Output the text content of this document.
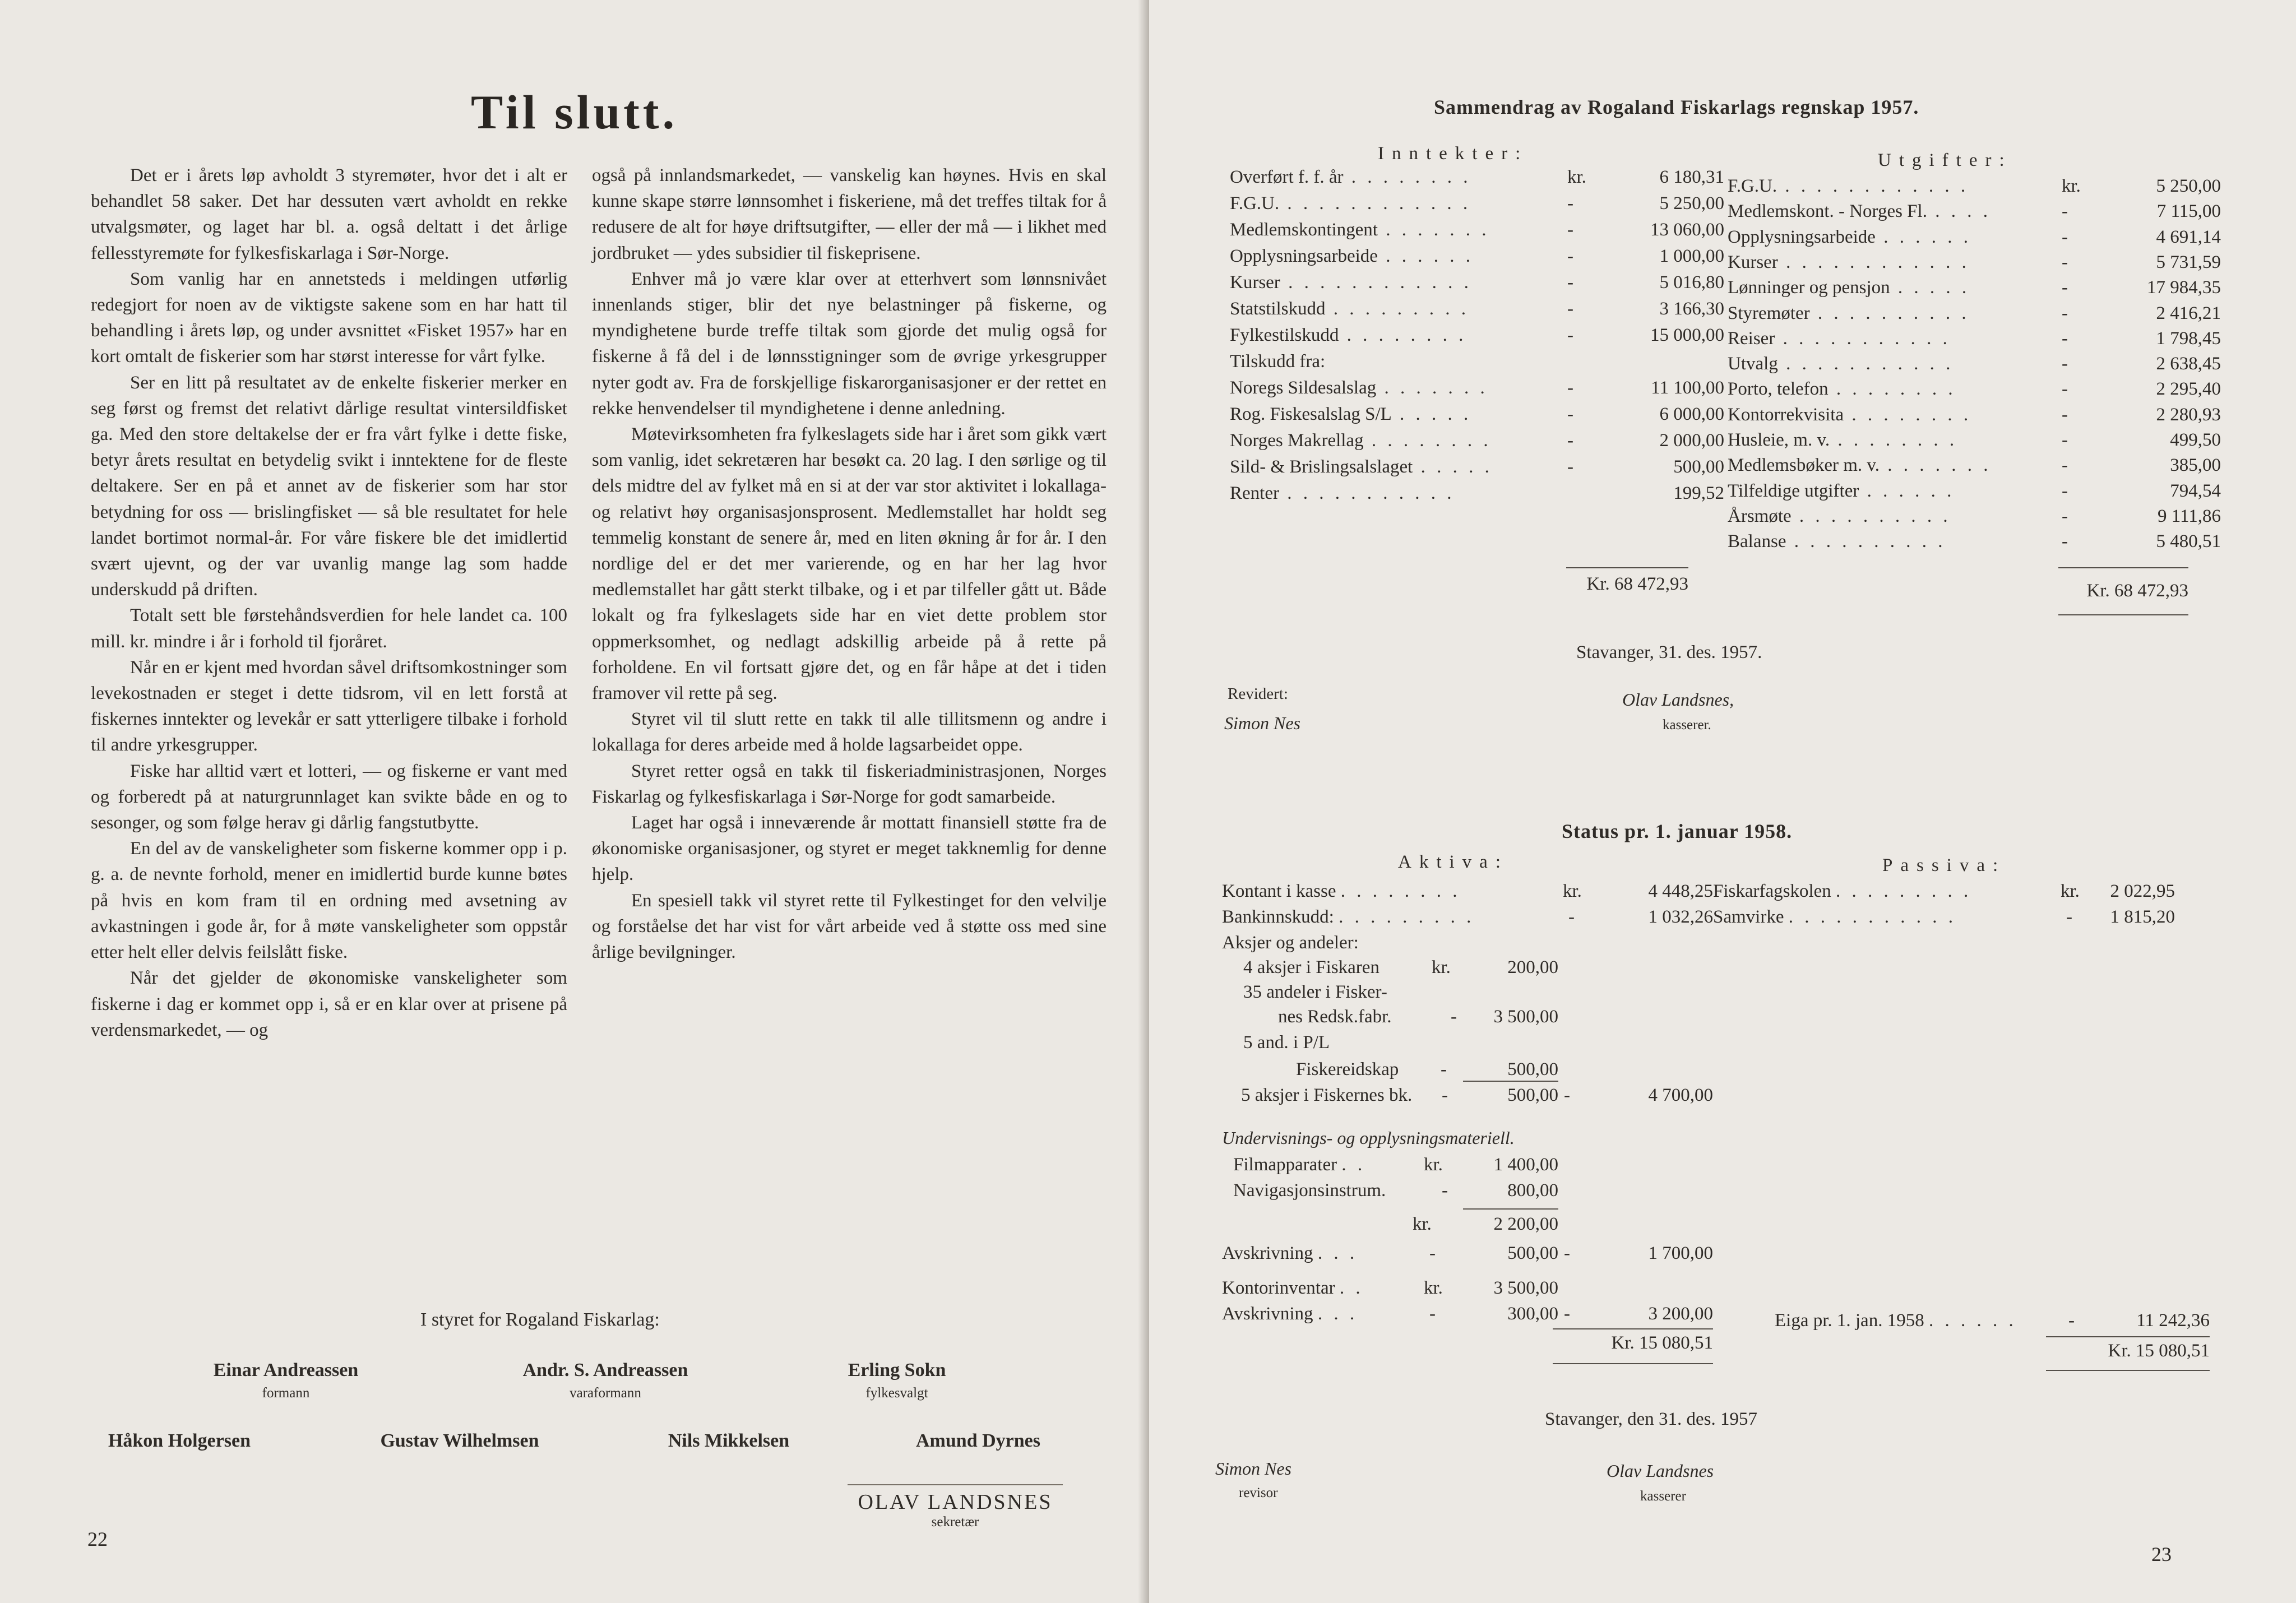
Til slutt.

Det er i årets løp avholdt 3 styremøter, hvor det i alt er behandlet 58 saker. Det har dessuten vært avholdt en rekke utvalgsmøter, og laget har bl. a. også deltatt i det årlige fellesstyremøte for fylkesfiskarlaga i Sør-Norge.

Som vanlig har en annetsteds i meldingen utførlig redegjort for noen av de viktigste sakene som en har hatt til behandling i årets løp, og under avsnittet «Fisket 1957» har en kort omtalt de fiskerier som har størst interesse for vårt fylke.

Ser en litt på resultatet av de enkelte fiskerier merker en seg først og fremst det relativt dårlige resultat vintersildfisket ga. Med den store deltakelse der er fra vårt fylke i dette fiske, betyr årets resultat en betydelig svikt i inntektene for de fleste deltakere. Ser en på et annet av de fiskerier som har stor betydning for oss — brislingfisket — så ble resultatet for hele landet bortimot normal-år. For våre fiskere ble det imidlertid svært ujevnt, og der var uvanlig mange lag som hadde underskudd på driften.

Totalt sett ble førstehåndsverdien for hele landet ca. 100 mill. kr. mindre i år i forhold til fjoråret.

Når en er kjent med hvordan såvel driftsomkostninger som levekostnaden er steget i dette tidsrom, vil en lett forstå at fiskernes inntekter og levekår er satt ytterligere tilbake i forhold til andre yrkesgrupper.

Fiske har alltid vært et lotteri, — og fiskerne er vant med og forberedt på at naturgrunnlaget kan svikte både en og to sesonger, og som følge herav gi dårlig fangstutbytte.

En del av de vanskeligheter som fiskerne kommer opp i p. g. a. de nevnte forhold, mener en imidlertid burde kunne bøtes på hvis en kom fram til en ordning med avsetning av avkastningen i gode år, for å møte vanskeligheter som oppstår etter helt eller delvis feilslått fiske.

Når det gjelder de økonomiske vanskeligheter som fiskerne i dag er kommet opp i, så er en klar over at prisene på verdensmarkedet, — og

også på innlandsmarkedet, — vanskelig kan høynes. Hvis en skal kunne skape større lønnsomhet i fiskeriene, må det treffes tiltak for å redusere de alt for høye driftsutgifter, — eller der må — i likhet med jordbruket — ydes subsidier til fiskeprisene.

Enhver må jo være klar over at etterhvert som lønnsnivået innenlands stiger, blir det nye belastninger på fiskerne, og myndighetene burde treffe tiltak som gjorde det mulig også for fiskerne å få del i de lønnsstigninger som de øvrige yrkesgrupper nyter godt av. Fra de forskjellige fiskarorganisasjoner er der rettet en rekke henvendelser til myndighetene i denne anledning.

Møtevirksomheten fra fylkeslagets side har i året som gikk vært som vanlig, idet sekretæren har besøkt ca. 20 lag. I den sørlige og til dels midtre del av fylket må en si at der var stor aktivitet i lokallaga- og relativt høy organisasjonsprosent. Medlemstallet har holdt seg temmelig konstant de senere år, med en liten økning år for år. I den nordlige del er det mer varierende, og en har her lag hvor medlemstallet har gått sterkt tilbake, og i et par tilfeller gått ut. Både lokalt og fra fylkeslagets side har en viet dette problem stor oppmerksomhet, og nedlagt adskillig arbeide på å rette på forholdene. En vil fortsatt gjøre det, og en får håpe at det i tiden framover vil rette på seg.

Styret vil til slutt rette en takk til alle tillitsmenn og andre i lokallaga for deres arbeide med å holde lagsarbeidet oppe.

Styret retter også en takk til fiskeriadministrasjonen, Norges Fiskarlag og fylkesfiskarlaga i Sør-Norge for godt samarbeide.

Laget har også i inneværende år mottatt finansiell støtte fra de økonomiske organisasjoner, og styret er meget takknemlig for denne hjelp.

En spesiell takk vil styret rette til Fylkestinget for den velvilje og forståelse det har vist for vårt arbeide ved å støtte oss med sine årlige bevilgninger.

I styret for Rogaland Fiskarlag:
Einar Andreassen
formann
Andr. S. Andreassen
varaformann
Erling Sokn
fylkesvalgt
Håkon Holgersen	Gustav Wilhelmsen	Nils Mikkelsen	Amund Dyrnes
OLAV LANDSNES
sekretær
22
Sammendrag av Rogaland Fiskarlags regnskap 1957.
Inntekter:	Utgifter:
Kr. 68 472,93	Kr. 68 472,93
Stavanger, 31. des. 1957.
Revidert:
Simon Nes
Olav Landsnes,
kasserer.
Status pr. 1. januar 1958.
Aktiva:	Passiva:
Kontant i kasse . . . . . . . .	kr.	4 448,25
Bankinnskudd: . . . . . . . . .	-	1 032,26
Aksjer og andeler:
4 aksjer i Fiskaren	kr.	200,00
35 andeler i Fisker-
nes Redsk.fabr.	-	3 500,00
5 and. i P/L
Fiskereidskap -	500,00
5 aksjer i Fiskernes bk. -	500,00 -	4 700,00
Undervisnings- og opplysningsmateriell.
Filmapparater . .	kr.	1 400,00
Navigasjonsinstrum.	-	800,00
kr.	2 200,00
Avskrivning . . .	-	500,00 -	1 700,00
Kontorinventar . .	kr.	3 500,00
Avskrivning . . .	-	300,00 -	3 200,00
Kr. 15 080,51
Fiskarfagskolen . . . . . . . . .	kr.	2 022,95
Samvirke . . . . . . . . . . .	-	1 815,20
Eiga pr. 1. jan. 1958 . . . . . .	-	11 242,36
Kr. 15 080,51
Stavanger, den 31. des. 1957
Simon Nes
revisor
Olav Landsnes
kasserer
23
Overført f. f. år . . . . . . . .	kr.	6 180,31
F.G.U. . . . . . . . . . . . .	-	5 250,00
Medlemskontingent . . . . . . .	-	13 060,00
Opplysningsarbeide . . . . . .	-	1 000,00
Kurser . . . . . . . . . . . .	-	5 016,80
Statstilskudd . . . . . . . . .	-	3 166,30
Fylkestilskudd . . . . . . . .	-	15 000,00
Tilskudd fra:
Noregs Sildesalslag . . . . . . .	-	11 100,00
Rog. Fiskesalslag S/L . . . . .	-	6 000,00
Norges Makrellag . . . . . . . .	-	2 000,00
Sild- & Brislingsalslaget . . . . .	-	500,00
Renter . . . . . . . . . . .	199,52
F.G.U. . . . . . . . . . . . .	kr.	5 250,00
Medlemskont. - Norges Fl. . . . .	-	7 115,00
Opplysningsarbeide . . . . . .	-	4 691,14
Kurser . . . . . . . . . . . .	-	5 731,59
Lønninger og pensjon . . . . .	-	17 984,35
Styremøter . . . . . . . . . .	-	2 416,21
Reiser . . . . . . . . . . .	-	1 798,45
Utvalg . . . . . . . . . . .	-	2 638,45
Porto, telefon . . . . . . . .	-	2 295,40
Kontorrekvisita . . . . . . . .	-	2 280,93
Husleie, m. v. . . . . . . . .	-	499,50
Medlemsbøker m. v. . . . . . . .	-	385,00
Tilfeldige utgifter . . . . . .	-	794,54
Årsmøte . . . . . . . . . .	-	9 111,86
Balanse . . . . . . . . . .	-	5 480,51
